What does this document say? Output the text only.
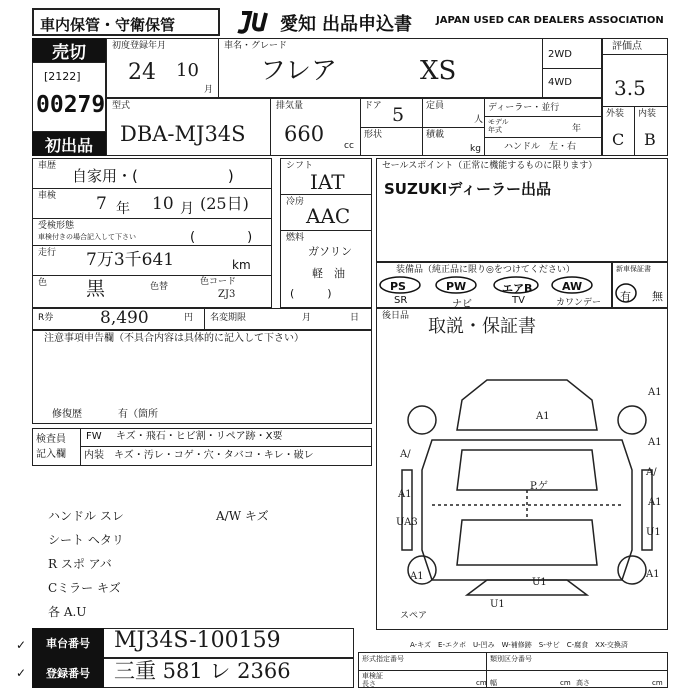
車内保管・守衛保管	愛知 出品申込書 JAPAN USED CAR DEALERS ASSOCIATION
売切
[2122]
00279
初出品
初度登録年月
24 10
月
車名・グレード
フレア	XS
2WD
4WD
評価点
3.5
外装 内装
C B
型式
DBA-MJ34S
排気量
660 cc
ドア 5
形状
定員
人
積載
kg
ディーラー・並行
モデル
年式	年
ハンドル　左・右
車歴
自家用・(　　　　　　)
車検 7 年 10 月 (25日)
受検形態
車検付きの場合記入して下さい	(　　　　)
走行 7万3千641	km
色 黒	色替	色コード
ZJ3
シフト
IAT
冷房
AAC
燃料
ガソリン
軽　油
(　　　)
セールスポイント（正常に機能するものに限ります）
SUZUKIディーラー出品
装備品（純正品に限り◎をつけてください）
PS	PW	エアB	AW
SR	ナビ	TV	カワンデー
新車保証書
有 無
R券	8,490	円 名変期限	月	日	後日品 取説・保証書
注意事項申告欄（不具合内容は具体的に記入して下さい）
修復歴	有（箇所
検査員
記入欄
FW キズ・飛石・ヒビ割・リペア跡・X要
内装 キズ・汚レ・コゲ・穴・タバコ・キレ・破レ
ハンドル スレ
シート ヘタリ
R スポ アバ
Cミラー キズ
各 A.U
A/W キズ
A1
A1
A1
A1
A1
A1
UA3
U1
U1
A1
P.ゲ
A/
A/
U1
スペア
A-キズ　E-エクボ　U-凹み　W-補修跡　S-サビ　C-腐食　XX-交換済
✓
✓
車台番号	MJ34S-100159
登録番号	三重 581 レ 2366	形式指定番号	類別区分番号
車検証
長さ	cm 幅	cm 高さ	cm
